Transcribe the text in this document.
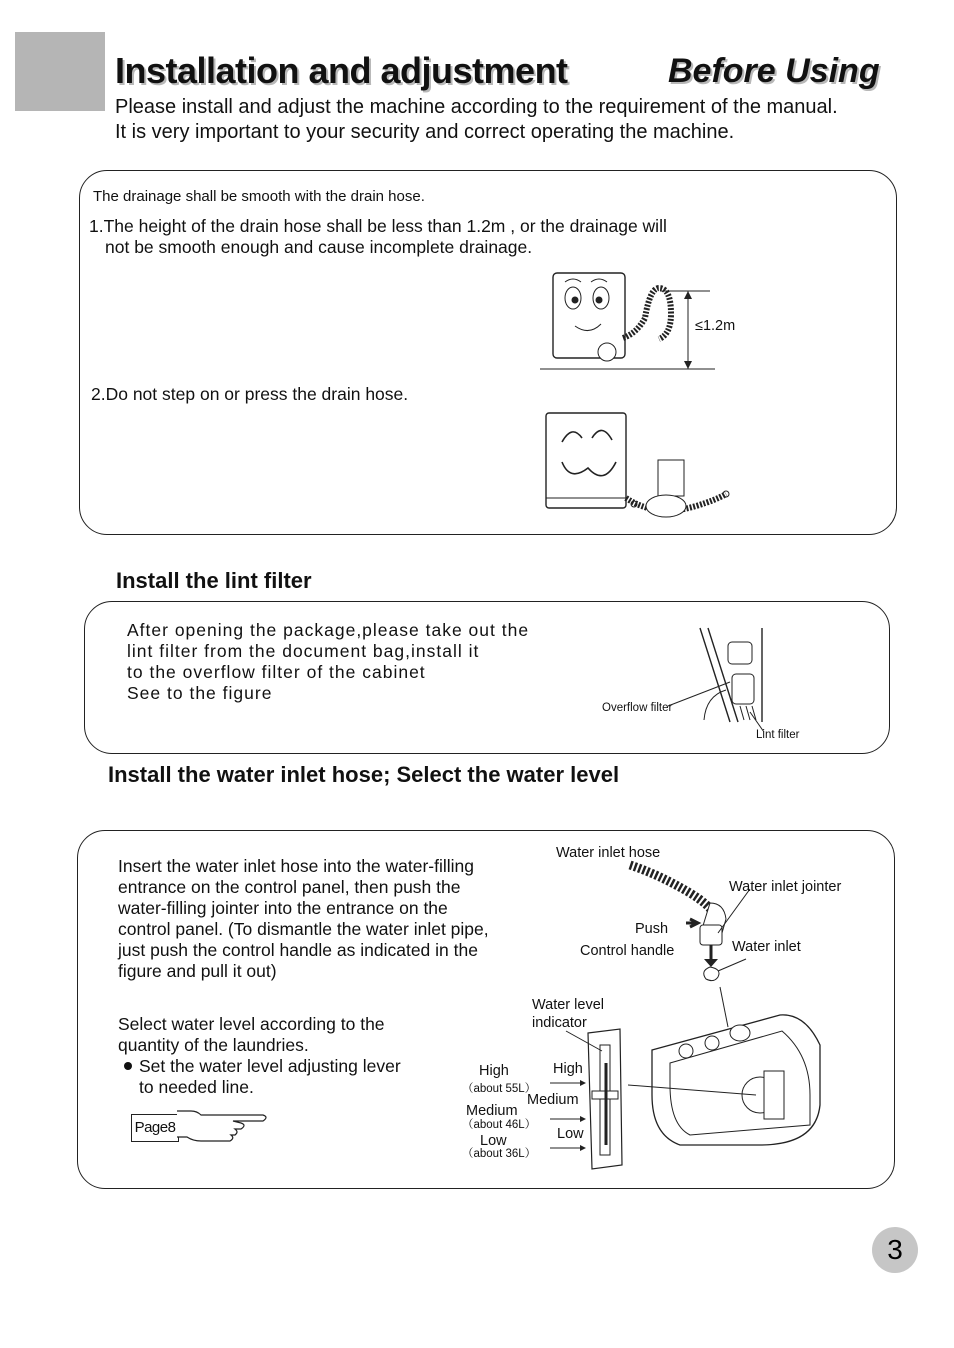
Installation and adjustment	Before Using
Please install and adjust the machine according to the requirement of the manual.
It is very important to your security and correct operating the machine.
The drainage shall be smooth with the drain hose.
1.The height of the drain hose shall be less than 1.2m , or the drainage will
not be smooth enough and cause incomplete drainage.
2.Do not step on or press the drain hose.
≤1.2m
Install the lint filter
After opening the package,please take out the
lint filter from the document bag,install it
to the overflow filter of the cabinet
See to the figure
Overflow filter
Lint filter
Install the water inlet hose; Select the water level
Insert the water inlet hose into the water-filling
entrance on the control panel, then push the
water-filling jointer into the entrance on the
control panel. (To dismantle the water inlet pipe,
just push the control handle as indicated in the
figure and pull it out)
Select water level according to the
quantity of the laundries.
Set the water level adjusting lever
to needed line.
Page8
Water inlet hose
Water inlet jointer
Push
Control handle	Water inlet
Water level
indicator
High
（about 55L）
Medium
（about 46L）
Low
（about 36L）
High
Medium
Low
3
